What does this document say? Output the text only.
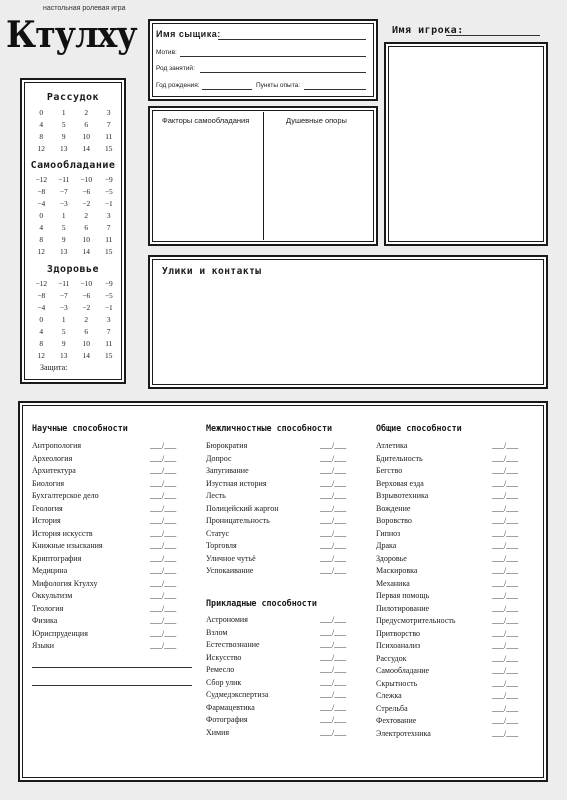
настольная ролевая игра
Ктулху
Рассудок
0	1	2	3
4	5	6	7
8	9	10	11
12	13	14	15
Самообладание
−12	−11	−10	−9
−8	−7	−6	−5
−4	−3	−2	−1
0	1	2	3
4	5	6	7
8	9	10	11
12	13	14	15
Здоровье
−12	−11	−10	−9
−8	−7	−6	−5
−4	−3	−2	−1
0	1	2	3
4	5	6	7
8	9	10	11
12	13	14	15
Защита:
Имя сыщика:
Мотив:
Род занятий:
Год рождения:	Пункты опыта:
Имя игрока:
Факторы самообладания	Душевные опоры
Улики и контакты
Научные способности	Межличностные способности
Прикладные способности
Общие способности
Антропология	___/___
Археология	___/___
Архитектура	___/___
Биология	___/___
Бухгалтерское дело	___/___
Геология	___/___
История	___/___
История искусств	___/___
Книжные изыскания	___/___
Криптография	___/___
Медицина	___/___
Мифология Ктулху	___/___
Оккультизм	___/___
Теология	___/___
Физика	___/___
Юриспруденция	___/___
Языки	___/___
Бюрократия	___/___
Допрос	___/___
Запугивание	___/___
Изустная история	___/___
Лесть	___/___
Полицейский жаргон	___/___
Проницательность	___/___
Статус	___/___
Торговля	___/___
Уличное чутьё	___/___
Успокаивание	___/___
Астрономия	___/___
Взлом	___/___
Естествознание	___/___
Искусство	___/___
Ремесло	___/___
Сбор улик	___/___
Судмедэкспертиза	___/___
Фармацевтика	___/___
Фотография	___/___
Химия	___/___
Атлетика	___/___
Бдительность	___/___
Бегство	___/___
Верховая езда	___/___
Взрывотехника	___/___
Вождение	___/___
Воровство	___/___
Гипноз	___/___
Драка	___/___
Здоровье	___/___
Маскировка	___/___
Механика	___/___
Первая помощь	___/___
Пилотирование	___/___
Предусмотрительность	___/___
Притворство	___/___
Психоанализ	___/___
Рассудок	___/___
Самообладание	___/___
Скрытность	___/___
Слежка	___/___
Стрельба	___/___
Фехтование	___/___
Электротехника	___/___
